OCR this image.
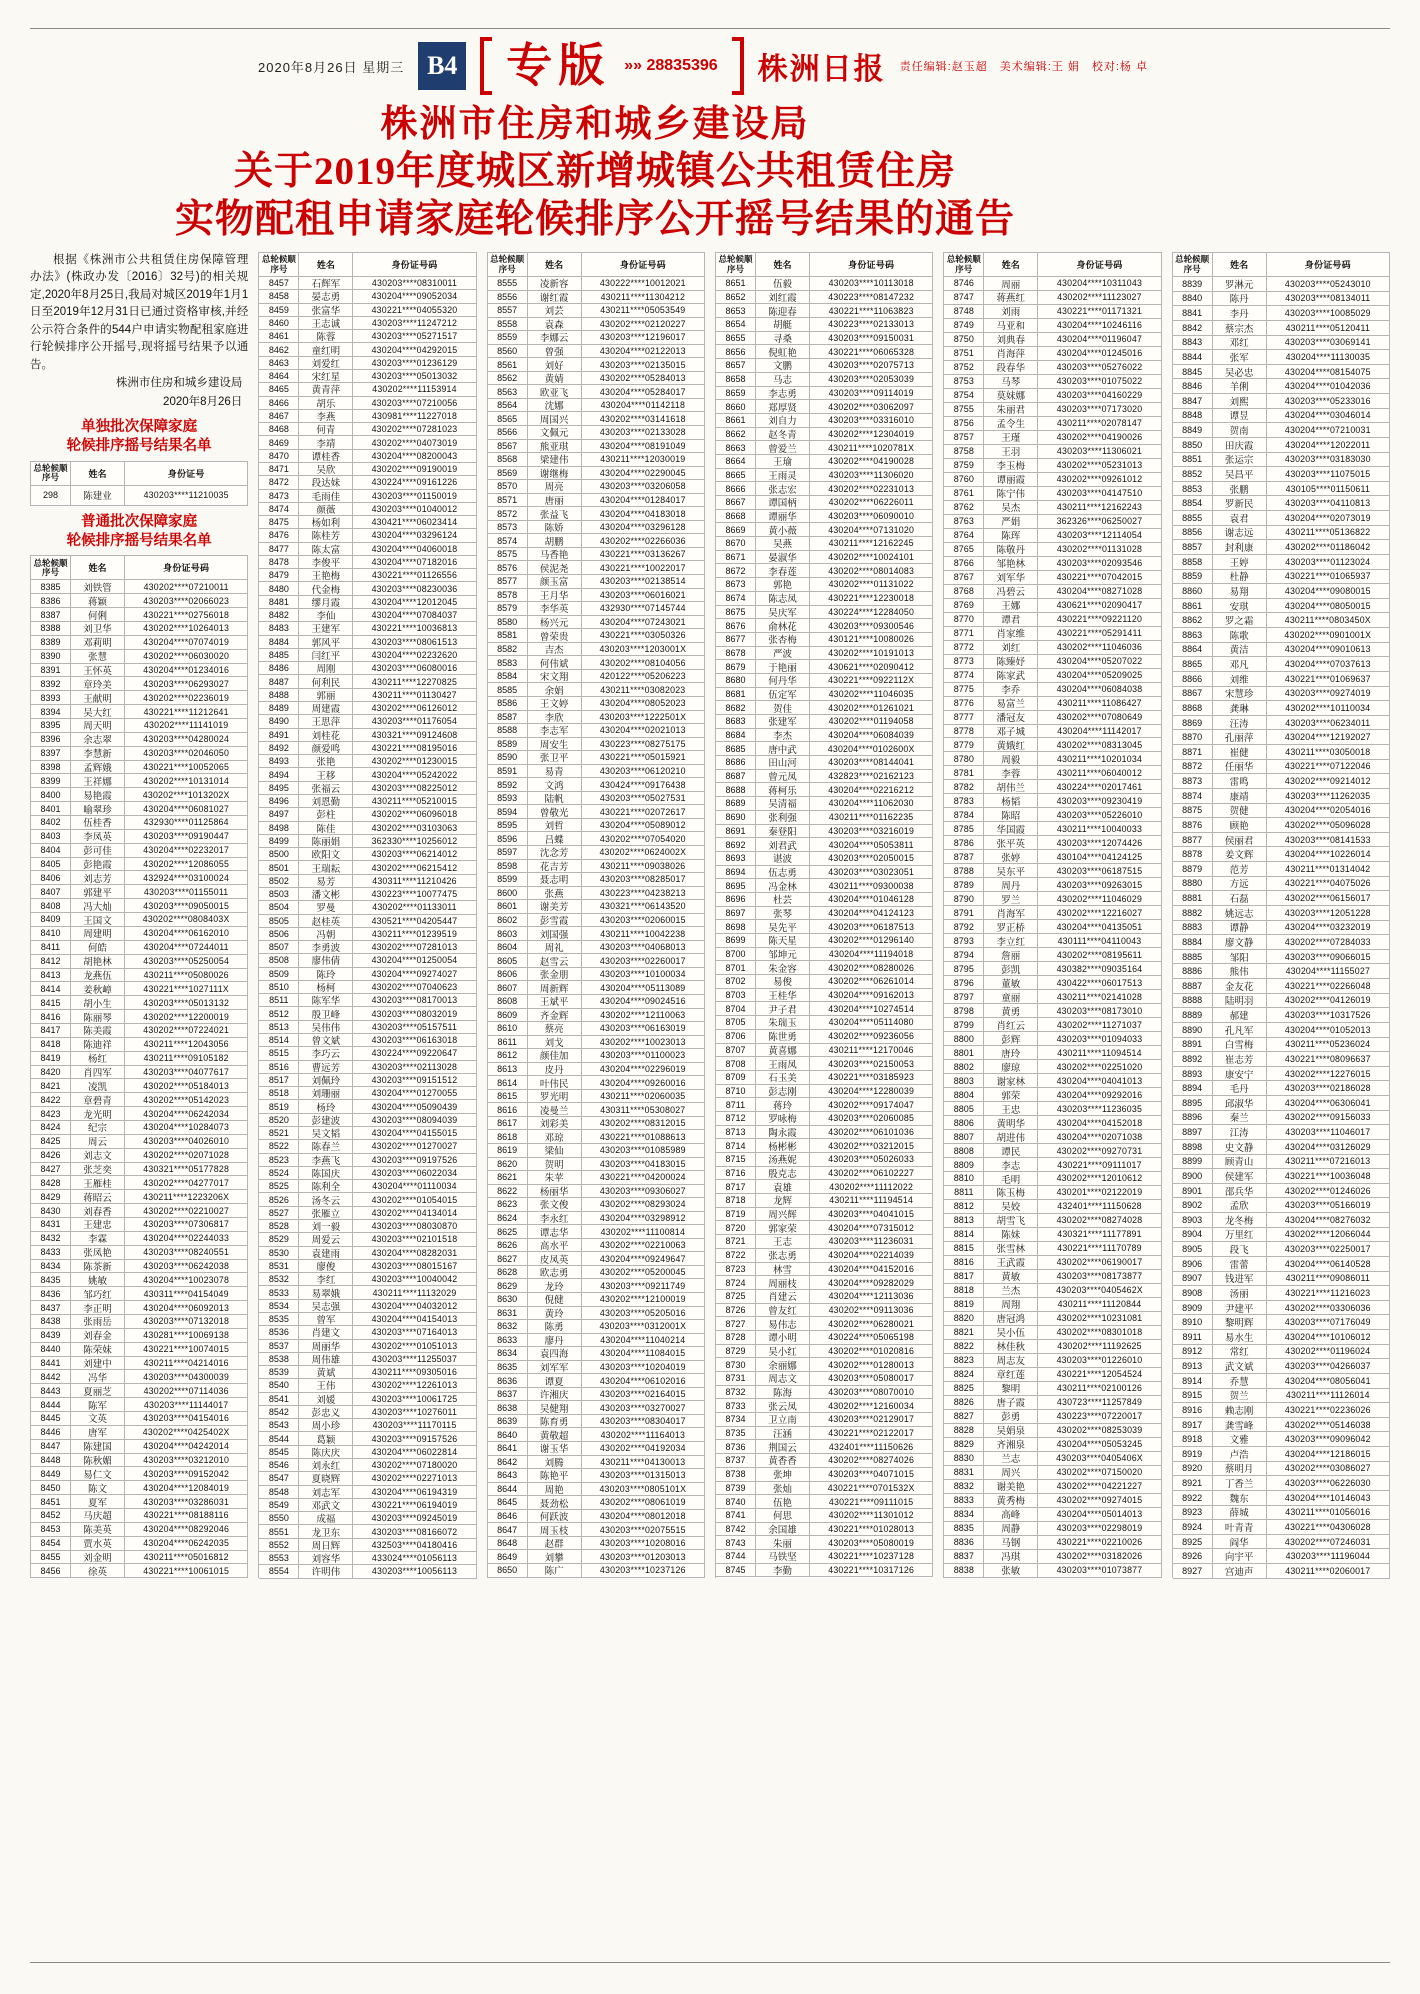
2020年8月26日 星期三 B4 专版 »» 28835396 株洲日报 责任编辑:赵玉超　美术编辑:王 娟　校对:杨 卓
株洲市住房和城乡建设局
关于2019年度城区新增城镇公共租赁住房
实物配租申请家庭轮候排序公开摇号结果的通告

根据《株洲市公共租赁住房保障管理办法》(株政办发〔2016〕32号)的相关规定,2020年8月25日,我局对城区2019年1月1日至2019年12月31日已通过资格审核,并经公示符合条件的544户申请实物配租家庭进行轮候排序公开摇号,现将摇号结果予以通告。

株洲市住房和城乡建设局
2020年8月26日
单独批次保障家庭
轮候排序摇号结果名单
总轮候顺序号	姓名	身份证号
298	陈建业	430203****11210035
普通批次保障家庭
轮候排序摇号结果名单
总轮候顺序号	姓名	身份证号码
8385	刘铁管	430202****07210011
8386	蒋颖	430203****02066023
8387	何俐	430221****02756018
8388	刘卫华	430202****10264013
8389	邓莉明	430204****07074019
8390	张慧	430202****06030020
8391	王怀英	430204****01234016
8392	章玲美	430203****06293027
8393	王献明	430202****02236019
8394	吴大红	430221****11212641
8395	周天明	430202****11141019
8396	余志翠	430203****04280024
8397	李慧新	430203****02046050
8398	孟辉娥	430221****10052065
8399	王祥娜	430202****10131014
8400	易艳霞	430202****1013202X
8401	喻翠珍	430204****06081027
8402	伍桂香	432930****01125864
8403	李凤英	430203****09190447
8404	彭可佳	430204****02232017
8405	彭艳霞	430202****12086055
8406	刘志芳	432924****03100024
8407	郭建平	430203****01155011
8408	冯大灿	430203****09050015
8409	王国文	430202****0808403X
8410	周建明	430204****06162010
8411	何皓	430204****07244011
8412	胡艳林	430203****05250054
8413	龙燕伍	430211****05080026
8414	姜秋嶂	430221****1027111X
8415	胡小生	430203****05013132
8416	陈丽琴	430202****12200019
8417	陈美霞	430202****07224021
8418	陈迪祥	430211****12043056
8419	杨红	430211****09105182
8420	肖四军	430203****04077617
8421	凌凯	430202****05184013
8422	章碧青	430202****05142023
8423	龙光明	430204****06242034
8424	纪宗	430204****10284073
8425	周云	430203****04026010
8426	刘志文	430202****02071028
8427	张芝奕	430321****05177828
8428	王雁桂	430202****04277017
8429	蒋昭云	430211****1223206X
8430	刘春香	430202****02210027
8431	王建忠	430203****07306817
8432	李霖	430204****02244033
8433	张凤艳	430203****08240551
8434	陈茶新	430203****06242038
8435	姚敏	430204****10023078
8436	邹巧红	430311****04154049
8437	李正明	430204****06092013
8438	张雨岳	430203****07132018
8439	刘春金	430281****10069138
8440	陈荣妹	430221****10074015
8441	刘建中	430211****04214016
8442	冯华	430203****04300039
8443	夏丽芝	430202****07114036
8444	陈军	430203****11144017
8445	文英	430203****04154016
8446	唐军	430202****0425402X
8447	陈建国	430204****04242014
8448	陈秋媚	430203****03212010
8449	易仁文	430203****09152042
8450	陈文	430204****12084019
8451	夏军	430203****03286031
8452	马庆超	430221****08188116
8453	陈美英	430204****08292046
8454	贾水英	430204****06242035
8455	刘金明	430211****05016812
8456	徐英	430221****10061015
总轮候顺序号	姓名	身份证号码
8457	石辉军	430203****08310011
8458	晏志勇	430204****09052034
8459	张富华	430221****04055320
8460	王志诚	430203****11247212
8461	陈蓉	430203****05271517
8462	童红明	430204****04292015
8463	刘爱红	430203****01236129
8464	宋红星	430203****05013032
8465	黄青萍	430202****11153914
8466	胡乐	430203****07210056
8467	李燕	430981****11227018
8468	何青	430202****07281023
8469	李靖	430202****04073019
8470	谭桂香	430204****08200043
8471	吴欣	430202****09190019
8472	段达妹	430224****09161226
8473	毛雨佳	430203****01150019
8474	颜薇	430203****01040012
8475	杨如利	430421****06023414
8476	陈桂芳	430204****03296124
8477	陈太富	430204****04060018
8478	李俊平	430204****07182016
8479	王艳梅	430221****01126556
8480	代金梅	430203****08230036
8481	缪月霞	430204****12012045
8482	李仙	430204****07084037
8483	王建军	430221****10036813
8484	郭风平	430203****08061513
8485	闫红平	430204****02232620
8486	周刚	430203****06080016
8487	何利民	430211****12270825
8488	郭丽	430211****01130427
8489	周建霞	430202****06126012
8490	王思萍	430203****01176054
8491	刘桂花	430321****09124608
8492	颜爱鸣	430221****08195016
8493	张艳	430202****01230015
8494	王移	430204****05242022
8495	张福云	430203****08225012
8496	刘恩勤	430211****05210015
8497	彭柱	430202****06096018
8498	陈佳	430202****03103063
8499	陈丽娟	362330****10256012
8500	欧阳文	430203****06214012
8501	王瑞耘	430202****06215412
8502	易芳	430311****11210426
8503	潘文彬	430223****10077475
8504	罗曼	430202****01133011
8505	赵桂英	430521****04205447
8506	冯朝	430211****01239519
8507	李勇波	430202****07281013
8508	廖伟倩	430204****01250054
8509	陈玲	430204****09274027
8510	杨柯	430202****07040623
8511	陈军华	430203****08170013
8512	殷卫峰	430203****08032019
8513	吴伟伟	430203****05157511
8514	曾文斌	430203****06163018
8515	李巧云	430224****09220647
8516	曹远芳	430203****02113028
8517	刘佩玲	430203****09151512
8518	刘珊丽	430204****01270055
8519	杨玲	430204****05090439
8520	彭建波	430203****08094039
8521	吴文韬	430204****04155015
8522	陈春兰	430202****01270027
8523	李燕飞	430203****09197526
8524	陈国庆	430203****06022034
8525	陈利全	430204****01110034
8526	汤冬云	430202****01054015
8527	张雁立	430202****04134014
8528	刘一毅	430203****08030870
8529	周爱云	430203****02101518
8530	袁建雨	430204****08282031
8531	廖俊	430203****08015167
8532	李红	430203****10040042
8533	易翠娥	430211****11132029
8534	吴志强	430204****04032012
8535	曾军	430204****04154013
8536	肖建文	430203****07164013
8537	周丽华	430202****01051013
8538	周伟雄	430203****11255037
8539	黄斌	430211****09305016
8540	王伟	430202****12261013
8541	刘媛	430203****10061725
8542	彭忠义	430203****10276011
8543	周小珍	430203****11170115
8544	葛颖	430203****09157526
8545	陈庆庆	430204****06022814
8546	刘永红	430202****07180020
8547	夏晓辉	430202****02271013
8548	刘志军	430204****06194319
8549	邓武文	430221****06194019
8550	成福	430203****09245019
8551	龙卫东	430203****08166072
8552	周日辉	432503****04180416
8553	刘容华	433024****01056113
8554	许明伟	430203****10056113
总轮候顺序号	姓名	身份证号码
8555	凌新容	430222****10012021
8556	谢红霞	430211****11304212
8557	刘芸	430211****05053549
8558	袁森	430202****02120227
8559	李娜云	430203****12196017
8560	曾强	430204****02122013
8561	刘好	430203****02135015
8562	黄婧	430202****05284013
8563	欧亚飞	430204****05284017
8564	沈娜	430204****01142118
8565	周国兴	430202****03141618
8566	文佩元	430203****02133028
8567	熊亚琪	430204****08191049
8568	梁建伟	430211****12030019
8569	谢继梅	430204****02290045
8570	周亮	430203****03206058
8571	唐丽	430204****01284017
8572	张益飞	430204****04183018
8573	陈娇	430204****03296128
8574	胡鹏	430202****02266036
8575	马香艳	430221****03136267
8576	侯泥尧	430221****10022017
8577	颜玉富	430203****02138514
8578	王月华	430203****06016021
8579	李华英	432930****07145744
8580	杨兴元	430204****07243021
8581	曾荣贵	430221****03050326
8582	吉杰	430203****1203001X
8583	何伟斌	430202****08104056
8584	宋文翔	420122****05206223
8585	余娟	430211****03082023
8586	王文婷	430204****08052023
8587	李欣	430203****1222501X
8588	李志军	430204****02021013
8589	周安生	430223****08275175
8590	张卫平	430221****05015921
8591	易青	430203****06120210
8592	文鸿	430424****09176438
8593	陆帆	430203****05027531
8594	曾敬光	430221****02072617
8595	刘哲	430204****05089012
8596	吕蝶	430202****07054020
8597	沈念芳	430202****0624002X
8598	花吉芳	430211****09038026
8599	聂志明	430203****08285017
8600	张燕	430223****04238213
8601	谢美芳	430321****06143520
8602	彭雪霞	430203****02060015
8603	刘国强	430211****10042238
8604	周礼	430203****04068013
8605	赵雪云	430203****02260017
8606	张金朋	430203****10100034
8607	周新辉	430204****05113089
8608	王斌平	430204****09024516
8609	齐金辉	430202****12110063
8610	蔡亮	430203****06163019
8611	刘戈	430202****10023013
8612	颜佳加	430203****01100023
8613	皮丹	430204****02296019
8614	叶伟民	430204****09260016
8615	罗光明	430211****02060035
8616	凌曼兰	430311****05308027
8617	刘彩美	430202****08312015
8618	邓琼	430221****01088613
8619	梁仙	430203****01085989
8620	贺明	430203****04183015
8621	朱苹	430221****04200024
8622	杨丽华	430203****09306027
8623	张文俊	430202****08293024
8624	李永红	430204****03298912
8625	谭志华	430202****11100814
8626	高水平	430202****02210063
8627	皮凤英	430204****09249647
8628	欧志勇	430202****05200045
8629	龙玲	430203****09211749
8630	倪健	430202****12100019
8631	黄玲	430203****05205016
8632	陈勇	430203****0312001X
8633	廖丹	430204****11040214
8634	袁四海	430204****11084015
8635	刘军军	430203****10204019
8636	谭夏	430204****06102016
8637	许湘庆	430203****02164015
8638	吴健翔	430203****03270027
8639	陈育勇	430203****08304017
8640	黄敬超	430202****11164013
8641	谢玉华	430202****04192034
8642	刘腾	430211****04130013
8643	陈艳平	430203****01315013
8644	周艳	430203****0805101X
8645	聂劲松	430202****08061019
8646	何跃波	430204****08012018
8647	周玉枝	430203****02075515
8648	赵群	430203****10208016
8649	刘攀	430203****01203013
8650	陈广	430203****10237126
总轮候顺序号	姓名	身份证号码
8651	伍毅	430203****10113018
8652	刘红霞	430223****08147232
8653	陈迎春	430221****11063823
8654	胡艇	430223****02133013
8655	寻桑	430203****09150031
8656	倪虹艳	430221****06065328
8657	文鹏	430203****02075713
8658	马志	430203****02053039
8659	李志勇	430203****09114019
8660	郑厚贤	430202****03062097
8661	刘自力	430203****03316010
8662	赵冬青	430202****12304019
8663	曾爱兰	430211****1020781X
8664	王瑜	430202****04190028
8665	王雨灵	430203****11306020
8666	张志宏	430202****02231013
8667	谭国柄	430202****06226011
8668	谭丽华	430203****06090010
8669	黄小薇	430204****07131020
8670	吴燕	430211****12162245
8671	晏淑华	430202****10024101
8672	李春莲	430202****08014083
8673	郭艳	430202****01131022
8674	陈志凤	430221****12230018
8675	吴庆军	430224****12284050
8676	俞林花	430203****09300546
8677	张杏梅	430121****10080026
8678	严波	430202****10191013
8679	于艳丽	430621****02090412
8680	何丹华	430221****0922112X
8681	伍定军	430202****11046035
8682	贺佳	430202****01261021
8683	张建军	430202****01194058
8684	李杰	430204****06084039
8685	唐中武	430204****0102600X
8686	田山河	430203****08144041
8687	曾元凤	432823****02162123
8688	蒋柯乐	430204****02216212
8689	吴清福	430204****11062030
8690	张利强	430211****01162235
8691	秦登阳	430203****03216019
8692	刘君武	430204****05053811
8693	谌波	430203****02050015
8694	伍志勇	430203****03023051
8695	冯金林	430211****09300038
8696	杜芸	430204****01046128
8697	张琴	430204****04124123
8698	吴先平	430203****06187513
8699	陈天星	430202****01296140
8700	邹坤元	430204****11194018
8701	朱金容	430202****08280026
8702	易俊	430202****06261014
8703	王桂华	430204****09162013
8704	尹子君	430204****10274514
8705	朱瑞玉	430204****05114080
8706	陈世勇	430202****09236056
8707	黄喜娜	430211****12170046
8708	王雨凤	430203****02150053
8709	石玉美	430221****03185923
8710	彭志刚	430204****12280039
8711	蒋玲	430202****09174047
8712	罗咏梅	430203****02060085
8713	陶永霞	430202****06101036
8714	杨彬彬	430202****03212015
8715	汤燕妮	430203****05026033
8716	殷克志	430202****06102227
8717	袁雄	430202****11112022
8718	龙辉	430211****11194514
8719	周兴辉	430203****04041015
8720	郭家荣	430204****07315012
8721	王志	430203****11236031
8722	张志勇	430204****02214039
8723	林雪	430204****04152016
8724	周丽枝	430204****09282029
8725	肖建云	430204****12113036
8726	曾友红	430202****09113036
8727	易伟志	430202****06280021
8728	谭小明	430224****05065198
8729	吴小红	430202****01020816
8730	余丽娜	430202****01280013
8731	周志文	430203****05080017
8732	陈海	430203****08070010
8733	张云凤	430202****12160034
8734	卫立南	430203****02129017
8735	汪涵	430221****02122017
8736	荆国云	432401****11150626
8737	黄香香	430202****08274026
8738	张坤	430203****04071015
8739	张灿	430221****0701532X
8740	伍艳	430221****09111015
8741	何思	430202****11301012
8742	余国雄	430221****01028013
8743	朱丽	430203****05080019
8744	马铁坚	430221****10237128
8745	李勤	430221****10317126
总轮候顺序号	姓名	身份证号码
8746	周丽	430204****10311043
8747	蒋燕红	430202****11123027
8748	刘雨	430221****01171321
8749	马亚和	430204****10246116
8750	刘典春	430204****01196047
8751	肖海萍	430204****01245016
8752	段春华	430203****05276022
8753	马琴	430203****01075022
8754	莫妹娜	430203****04160229
8755	朱丽君	430203****07173020
8756	孟令生	430211****02078147
8757	王瑾	430202****04190026
8758	王羽	430203****11306021
8759	李玉梅	430202****05231013
8760	谭丽霞	430202****09261012
8761	陈宁伟	430203****04147510
8762	吴杰	430211****12162243
8763	严娟	362326****06250027
8764	陈珲	430203****12114054
8765	陈敬丹	430202****01131028
8766	邹艳林	430203****02093546
8767	刘军华	430221****07042015
8768	冯碧云	430204****08271028
8769	王娜	430621****02090417
8770	谭君	430221****09221120
8771	肖家维	430221****05291411
8772	刘红	430202****11046036
8773	陈臻妤	430204****05207022
8774	陈家武	430204****05209025
8775	李乔	430204****06084038
8776	易富兰	430211****11086427
8777	潘冠友	430202****07080649
8778	邓子城	430204****11142017
8779	黄娥红	430202****08313045
8780	周毅	430211****10201034
8781	李蓉	430211****06040012
8782	胡伟兰	430224****02017461
8783	杨韬	430203****09230419
8784	陈昭	430203****05226010
8785	华国霞	430211****10040033
8786	张平英	430203****12074426
8787	张婷	430104****04124125
8788	吴东平	430203****06187515
8789	周丹	430203****09263015
8790	罗兰	430202****11046029
8791	肖海军	430202****12216027
8792	罗正桥	430204****04135051
8793	李立红	430111****04110043
8794	詹丽	430202****08195611
8795	彭凯	430382****09035164
8796	董敏	430422****06017513
8797	童丽	430211****02141028
8798	黄勇	430203****08173010
8799	肖红云	430202****11271037
8800	彭辉	430203****01094033
8801	唐玲	430211****11094514
8802	廖琼	430202****02251020
8803	谢家林	430204****04041013
8804	郭荣	430204****09292016
8805	王忠	430203****11236035
8806	黄明华	430204****04152018
8807	胡进伟	430204****02071038
8808	谭民	430202****09270731
8809	李志	430221****09111017
8810	毛明	430202****12010612
8811	陈玉梅	430201****02122019
8812	吴姣	432401****11150628
8813	胡雪飞	430202****08274028
8814	陈妹	430321****11177891
8815	张雪林	430221****11170789
8816	王武霞	430202****06190017
8817	黄敏	430203****08173877
8818	兰杰	430203****0405462X
8819	周翔	430211****11120844
8820	唐冠鸿	430202****10231081
8821	吴小伍	430202****08301018
8822	林佳秋	430202****11192625
8823	周志友	430203****01226010
8824	章红莲	430221****12054524
8825	黎明	430211****02100126
8826	唐子霞	430723****11257849
8827	彭勇	430223****07220017
8828	吴娟泉	430202****08253039
8829	齐湘泉	430204****05053245
8830	兰志	430203****0405406X
8831	周兴	430202****07150020
8832	谢美艳	430202****04221227
8833	黄秀梅	430202****09274015
8834	高峰	430204****05014013
8835	周静	430203****02298019
8836	马钢	430221****02210026
8837	冯琪	430202****03182026
8838	张敏	430203****01073877
总轮候顺序号	姓名	身份证号码
8839	罗淋元	430203****05243010
8840	陈丹	430203****08134011
8841	李丹	430203****10085029
8842	蔡宗杰	430211****05120411
8843	邓红	430203****03069141
8844	张军	430204****11130035
8845	吴必忠	430204****08154075
8846	羊俐	430204****01042036
8847	刘熙	430203****05233016
8848	谭昱	430204****03046014
8849	贺南	430204****07210031
8850	田庆霞	430204****12022011
8851	张运宗	430203****03183030
8852	吴昌平	430203****11075015
8853	张鹏	430105****01150611
8854	罗新民	430203****04110813
8855	袁君	430204****02073019
8856	谢志远	430211****05136822
8857	封利康	430202****01186042
8858	王婷	430203****01123024
8859	杜静	430221****01065937
8860	易翔	430204****09080015
8861	安琪	430204****08050015
8862	罗之霜	430211****0803450X
8863	陈歌	430202****0901001X
8864	黄洁	430204****09010613
8865	邓凡	430204****07037613
8866	刘维	430221****01069637
8867	宋慧珍	430203****09274019
8868	龚琳	430202****10110034
8869	汪涛	430203****06234011
8870	孔丽萍	430204****12192027
8871	崔健	430211****03050018
8872	任丽华	430221****07122046
8873	雷鸣	430202****09214012
8874	康靖	430203****11262035
8875	贺健	430204****02054016
8876	顾艳	430202****05096028
8877	侯丽君	430203****08141533
8878	姜文辉	430204****10226014
8879	范芳	430211****01314042
8880	方远	430221****04075026
8881	石磊	430202****06156017
8882	姚远志	430203****12051228
8883	谭静	430204****03232019
8884	廖文静	430202****07284033
8885	邹阳	430203****09066015
8886	熊伟	430204****11155027
8887	金友花	430221****02266048
8888	陆明羽	430202****04126019
8889	郝建	430203****10317526
8890	孔凡军	430204****01052013
8891	白雪梅	430211****05236024
8892	崔志芳	430221****08096637
8893	康安宁	430202****12276015
8894	毛丹	430203****02186028
8895	邱淑华	430204****06306041
8896	秦兰	430202****09156033
8897	江涛	430203****11046017
8898	史文静	430204****03126029
8899	顾青山	430211****07216013
8900	侯建军	430221****10036048
8901	邵兵华	430202****01246026
8902	孟欣	430203****05166019
8903	龙冬梅	430204****08276032
8904	万里红	430202****12066044
8905	段飞	430203****02250017
8906	雷蕾	430204****06140528
8907	钱进军	430211****09086011
8908	汤丽	430221****11216023
8909	尹建平	430202****03306036
8910	黎明辉	430203****07176049
8911	易水生	430204****10106012
8912	常红	430202****01196024
8913	武文斌	430203****04266037
8914	乔慧	430204****08056041
8915	贺兰	430211****11126014
8916	赖志刚	430221****02236026
8917	龚雪峰	430202****05146038
8918	文雅	430203****09096042
8919	卢浩	430204****12186015
8920	蔡明月	430202****03086027
8921	丁香兰	430203****06226030
8922	魏东	430204****10146043
8923	薛城	430211****01056016
8924	叶青青	430221****04306028
8925	阎华	430202****07246031
8926	向宇平	430203****11196044
8927	宫迪声	430211****02060017
